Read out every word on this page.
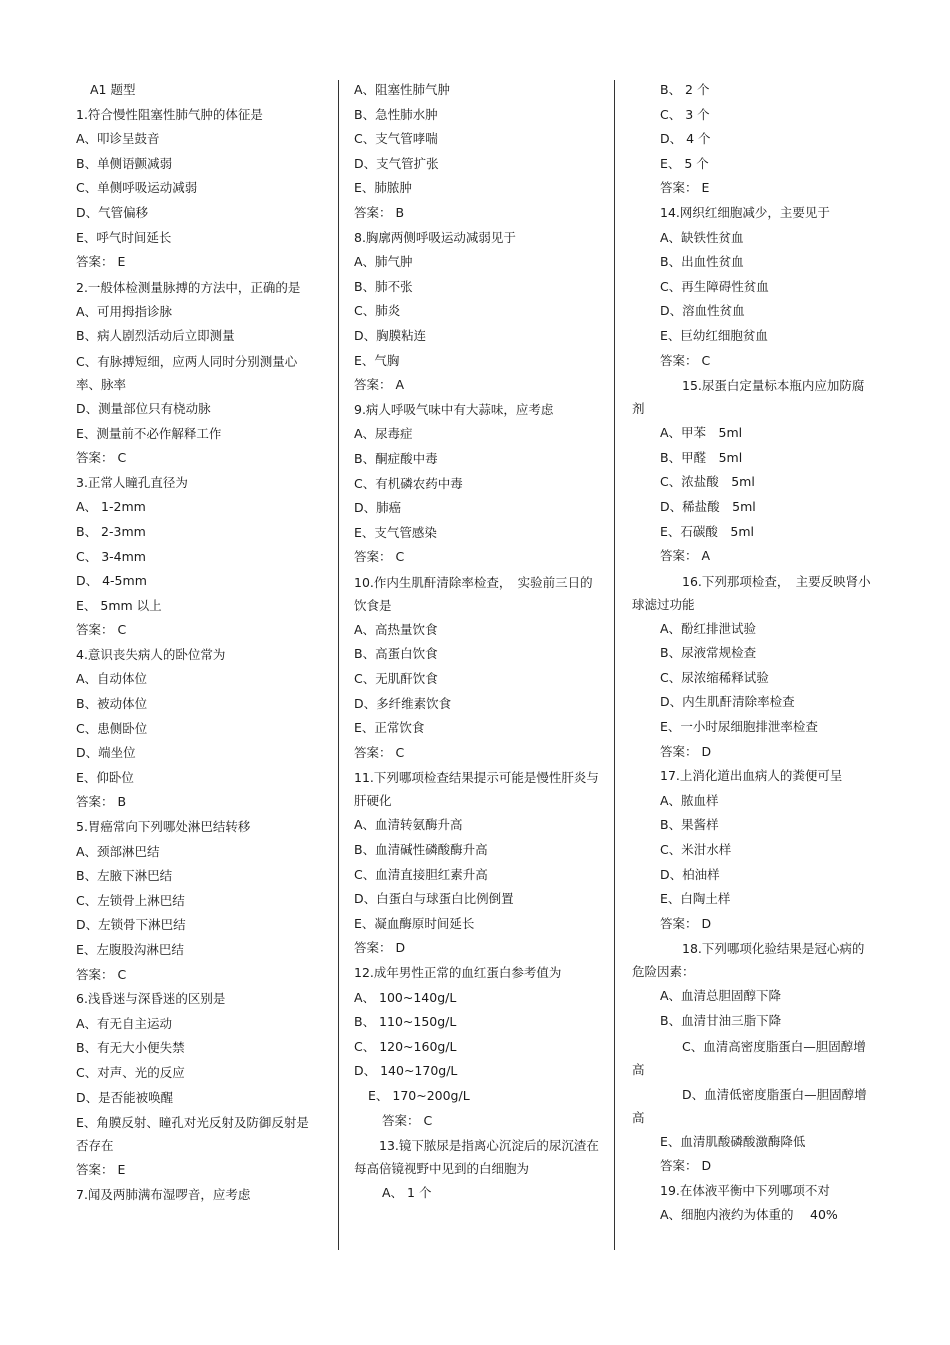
A1 题型
1.符合慢性阻塞性肺气肿的体征是
A、叩诊呈鼓音
B、单侧语颤减弱
C、单侧呼吸运动减弱
D、气管偏移
E、呼气时间延长
答案： E
2.一般体检测量脉搏的方法中，正确的是
A、可用拇指诊脉
B、病人剧烈活动后立即测量
C、有脉搏短细，应两人同时分别测量心率、脉率
D、测量部位只有桡动脉
E、测量前不必作解释工作
答案： C
3.正常人瞳孔直径为
A、 1-2mm
B、 2-3mm
C、 3-4mm
D、 4-5mm
E、 5mm 以上
答案： C
4.意识丧失病人的卧位常为
A、自动体位
B、被动体位
C、患侧卧位
D、端坐位
E、仰卧位
答案： B
5.胃癌常向下列哪处淋巴结转移
A、颈部淋巴结
B、左腋下淋巴结
C、左锁骨上淋巴结
D、左锁骨下淋巴结
E、左腹股沟淋巴结
答案： C
6.浅昏迷与深昏迷的区别是
A、有无自主运动
B、有无大小便失禁
C、对声、光的反应
D、是否能被唤醒
E、角膜反射、瞳孔对光反射及防御反射是否存在
答案： E
7.闻及两肺满布湿啰音，应考虑
A、阻塞性肺气肿
B、急性肺水肿
C、支气管哮喘
D、支气管扩张
E、肺脓肿
答案： B
8.胸廓两侧呼吸运动减弱见于
A、肺气肿
B、肺不张
C、肺炎
D、胸膜粘连
E、气胸
答案： A
9.病人呼吸气味中有大蒜味，应考虑
A、尿毒症
B、酮症酸中毒
C、有机磷农药中毒
D、肺癌
E、支气管感染
答案： C
10.作内生肌酐清除率检查，　实验前三日的饮食是
A、高热量饮食
B、高蛋白饮食
C、无肌酐饮食
D、多纤维素饮食
E、正常饮食
答案： C
11.下列哪项检查结果提示可能是慢性肝炎与肝硬化
A、血清转氨酶升高
B、血清碱性磷酸酶升高
C、血清直接胆红素升高
D、白蛋白与球蛋白比例倒置
E、凝血酶原时间延长
答案： D
12.成年男性正常的血红蛋白参考值为
A、 100~140g/L
B、 110~150g/L
C、 120~160g/L
D、 140~170g/L
E、 170~200g/L
答案： C
　　13.镜下脓尿是指离心沉淀后的尿沉渣在每高倍镜视野中见到的白细胞为
A、 1 个
B、 2 个
C、 3 个
D、 4 个
E、 5 个
答案： E
14.网织红细胞减少，主要见于
A、缺铁性贫血
B、出血性贫血
C、再生障碍性贫血
D、溶血性贫血
E、巨幼红细胞贫血
答案： C
　　　　15.尿蛋白定量标本瓶内应加防腐剂
A、甲苯　5ml
B、甲醛　5ml
C、浓盐酸　5ml
D、稀盐酸　5ml
E、石碳酸　5ml
答案： A
　　　　16.下列那项检查，　主要反映肾小球滤过功能
A、酚红排泄试验
B、尿液常规检查
C、尿浓缩稀释试验
D、内生肌酐清除率检查
E、一小时尿细胞排泄率检查
答案： D
17.上消化道出血病人的粪便可呈
A、脓血样
B、果酱样
C、米泔水样
D、柏油样
E、白陶土样
答案： D
　　　　18.下列哪项化验结果是冠心病的危险因素：
A、血清总胆固醇下降
B、血清甘油三脂下降
　　　　C、血清高密度脂蛋白—胆固醇增高
　　　　D、血清低密度脂蛋白—胆固醇增高
E、血清肌酸磷酸激酶降低
答案： D
19.在体液平衡中下列哪项不对
A、细胞内液约为体重的　 40%
